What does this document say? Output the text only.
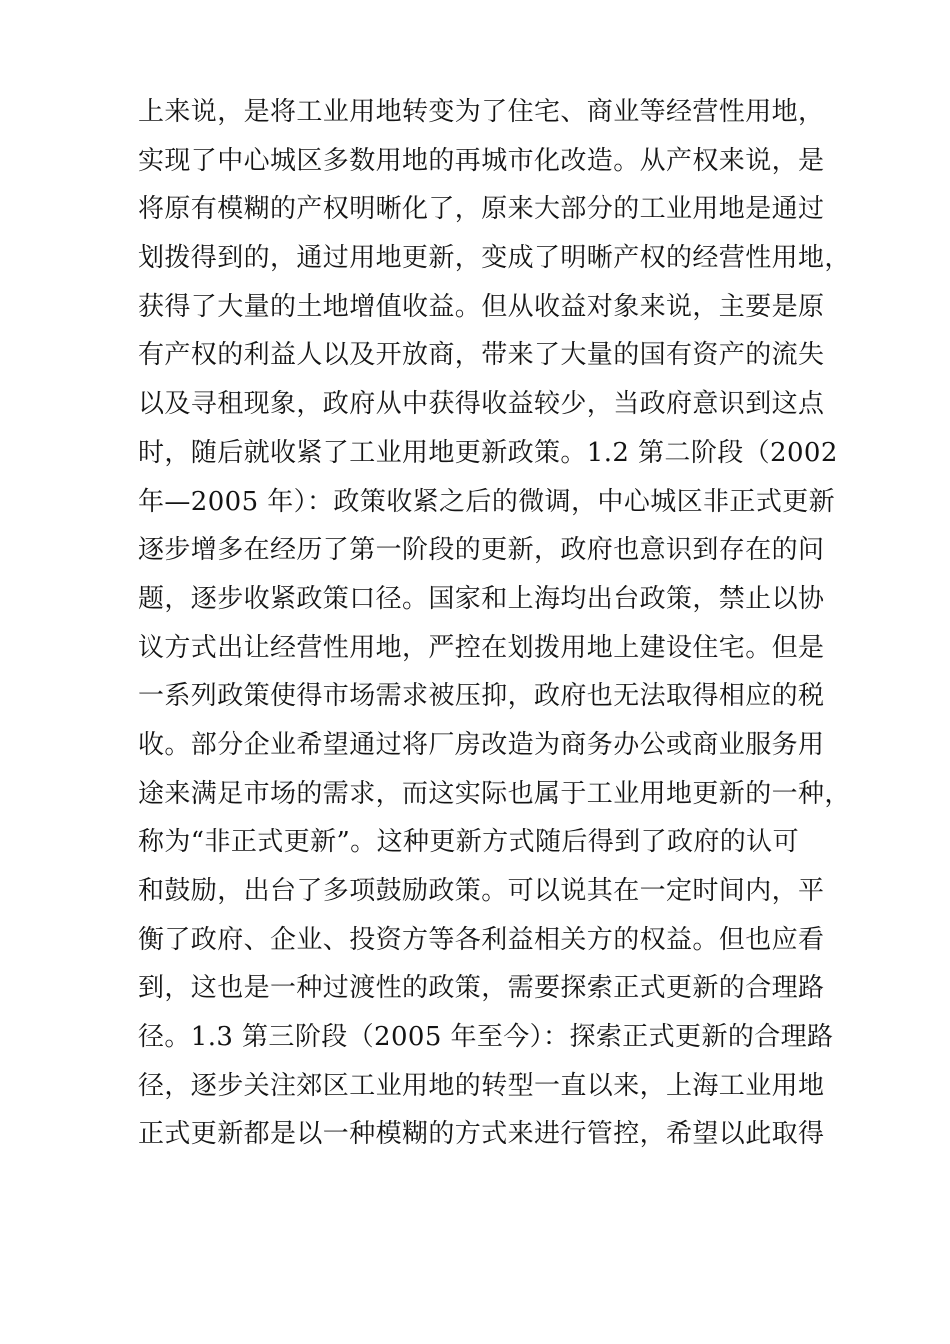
上来说，是将工业用地转变为了住宅、商业等经营性用地，
实现了中心城区多数用地的再城市化改造。从产权来说，是
将原有模糊的产权明晰化了，原来大部分的工业用地是通过
划拨得到的，通过用地更新，变成了明晰产权的经营性用地，
获得了大量的土地增值收益。但从收益对象来说，主要是原
有产权的利益人以及开放商，带来了大量的国有资产的流失
以及寻租现象，政府从中获得收益较少，当政府意识到这点
时，随后就收紧了工业用地更新政策。1.2 第二阶段（2002
年—2005 年）：政策收紧之后的微调，中心城区非正式更新
逐步增多在经历了第一阶段的更新，政府也意识到存在的问
题，逐步收紧政策口径。国家和上海均出台政策，禁止以协
议方式出让经营性用地，严控在划拨用地上建设住宅。但是
一系列政策使得市场需求被压抑，政府也无法取得相应的税
收。部分企业希望通过将厂房改造为商务办公或商业服务用
途来满足市场的需求，而这实际也属于工业用地更新的一种，
称为“非正式更新”。这种更新方式随后得到了政府的认可
和鼓励，出台了多项鼓励政策。可以说其在一定时间内，平
衡了政府、企业、投资方等各利益相关方的权益。但也应看
到，这也是一种过渡性的政策，需要探索正式更新的合理路
径。1.3 第三阶段（2005 年至今）：探索正式更新的合理路
径，逐步关注郊区工业用地的转型一直以来，上海工业用地
正式更新都是以一种模糊的方式来进行管控，希望以此取得
